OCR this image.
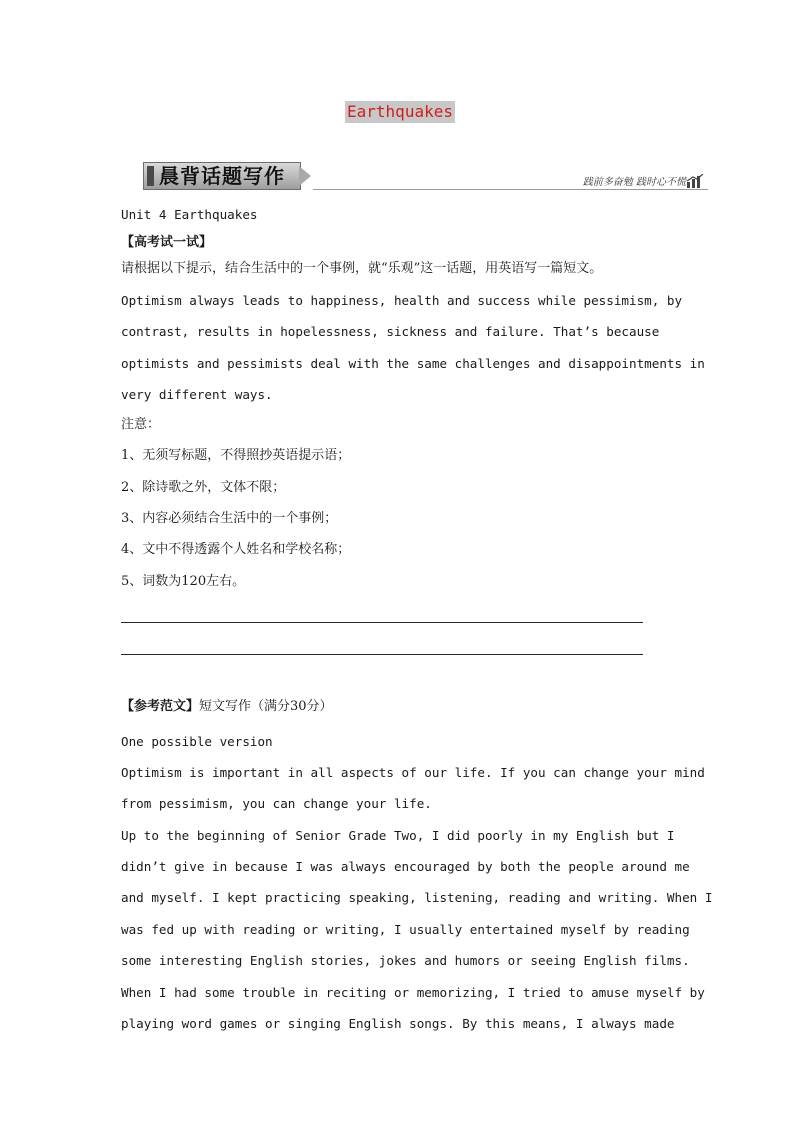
Earthquakes
晨背话题写作	践前多奋勉 践时心不慌
Unit 4 Earthquakes
【高考试一试】
请根据以下提示，结合生活中的一个事例，就“乐观”这一话题，用英语写一篇短文。
Optimism always leads to happiness, health and success while pessimism, by
contrast, results in hopelessness, sickness and failure. That’s because
optimists and pessimists deal with the same challenges and disappointments in
very different ways.
注意：
1、无须写标题，不得照抄英语提示语；
2、除诗歌之外，文体不限；
3、内容必须结合生活中的一个事例；
4、文中不得透露个人姓名和学校名称；
5、词数为120左右。
【参考范文】短文写作（满分30分）
One possible version
Optimism is important in all aspects of our life. If you can change your mind
from pessimism, you can change your life.
Up to the beginning of Senior Grade Two, I did poorly in my English but I
didn’t give in because I was always encouraged by both the people around me
and myself. I kept practicing speaking, listening, reading and writing. When I
was fed up with reading or writing, I usually entertained myself by reading
some interesting English stories, jokes and humors or seeing English films.
When I had some trouble in reciting or memorizing, I tried to amuse myself by
playing word games or singing English songs. By this means, I always made
